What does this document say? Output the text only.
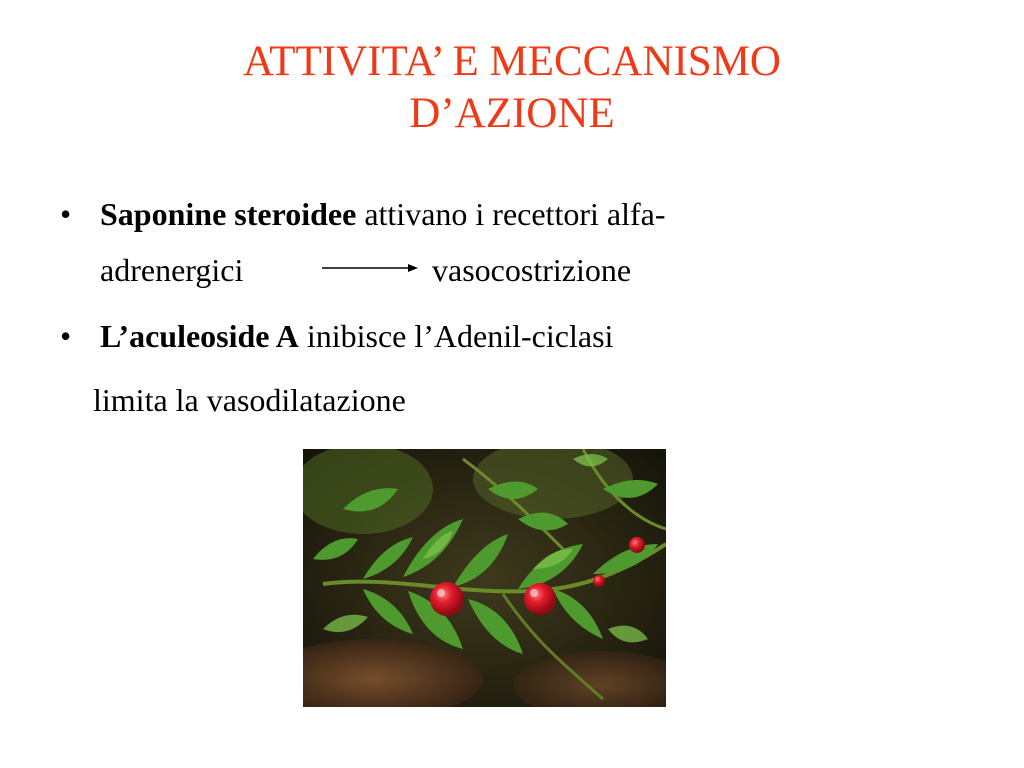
ATTIVITA’ E MECCANISMO
D’AZIONE
• Saponine steroidee attivano i recettori alfa-
adrenergici	vasocostrizione
• L’aculeoside A inibisce l’Adenil-ciclasi
limita la vasodilatazione
